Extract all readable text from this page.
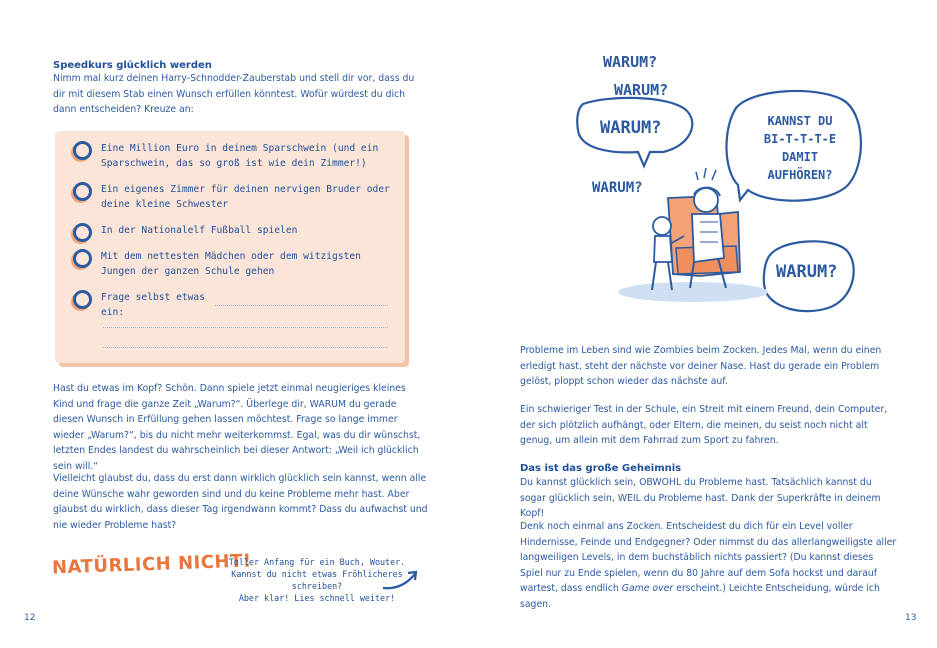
Speedkurs glücklich werden

Nimm mal kurz deinen Harry-Schnodder-Zauberstab und stell dir vor, dass du dir mit diesem Stab einen Wunsch erfüllen könntest. Wofür würdest du dich dann entscheiden? Kreuze an:

Eine Million Euro in deinem Sparschwein (und ein Sparschwein, das so groß ist wie dein Zimmer!)
Ein eigenes Zimmer für deinen nervigen Bruder oder deine kleine Schwester
In der Nationalelf Fußball spielen
Mit dem nettesten Mädchen oder dem witzigsten Jungen der ganzen Schule gehen
Frage selbst etwas ein:

Hast du etwas im Kopf? Schön. Dann spiele jetzt einmal neugieriges kleines Kind und frage die ganze Zeit „Warum?“. Überlege dir, WARUM du gerade diesen Wunsch in Erfüllung gehen lassen möchtest. Frage so lange immer wieder „Warum?“, bis du nicht mehr weiterkommst. Egal, was du dir wünschst, letzten Endes landest du wahrscheinlich bei dieser Antwort: „Weil ich glücklich sein will.“

Vielleicht glaubst du, dass du erst dann wirklich glücklich sein kannst, wenn alle deine Wünsche wahr geworden sind und du keine Probleme mehr hast. Aber glaubst du wirklich, dass dieser Tag irgendwann kommt? Dass du aufwachst und nie wieder Probleme hast?

NATÜRLICH NICHT!
Toller Anfang für ein Buch, Wouter.
Kannst du nicht etwas Fröhlicheres schreiben?
Aber klar! Lies schnell weiter!
12
WARUM?
WARUM?
WARUM?
WARUM?
WARUM?
KANNST DU
BI-T-T-T-E
DAMIT
AUFHÖREN?

Probleme im Leben sind wie Zombies beim Zocken. Jedes Mal, wenn du einen erledigt hast, steht der nächste vor deiner Nase. Hast du gerade ein Problem gelöst, ploppt schon wieder das nächste auf.

Ein schwieriger Test in der Schule, ein Streit mit einem Freund, dein Computer, der sich plötzlich aufhängt, oder Eltern, die meinen, du seist noch nicht alt genug, um allein mit dem Fahrrad zum Sport zu fahren.

Das ist das große Geheimnis

Du kannst glücklich sein, OBWOHL du Probleme hast. Tatsächlich kannst du sogar glücklich sein, WEIL du Probleme hast. Dank der Superkräfte in deinem Kopf!

Denk noch einmal ans Zocken. Entscheidest du dich für ein Level voller Hindernisse, Feinde und Endgegner? Oder nimmst du das allerlangweiligste aller langweiligen Levels, in dem buchstäblich nichts passiert? (Du kannst dieses Spiel nur zu Ende spielen, wenn du 80 Jahre auf dem Sofa hockst und darauf wartest, dass endlich Game over erscheint.) Leichte Entscheidung, würde ich sagen.

13
